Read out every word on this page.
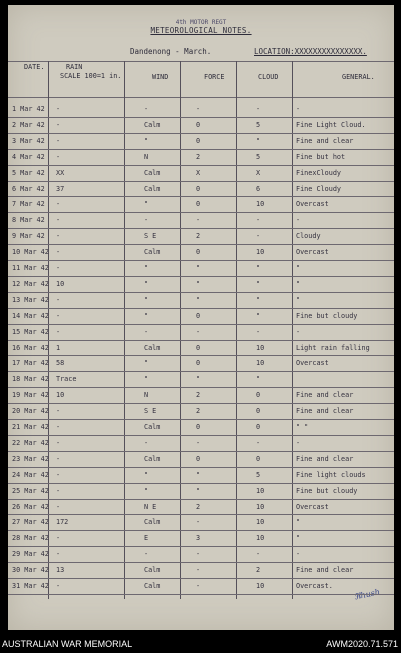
4th MOTOR REGT
METEOROLOGICAL NOTES.
Dandenong - March.	LOCATION:XXXXXXXXXXXXXXX.
DATE.	RAIN
SCALE 100=1 in.	WIND	FORCE	CLOUD	GENERAL.
1 Mar 42 -	-	-	-	-
2 Mar 42 -	Calm	0	5	Fine Light Cloud.
3 Mar 42 -	"	0	"	Fine and clear
4 Mar 42 -	N	2	5	Fine but hot
5 Mar 42 XX	Calm	X	X	FinexCloudy
6 Mar 42 37	Calm	0	6	Fine Cloudy
7 Mar 42 -	"	0	10	Overcast
8 Mar 42 -	-	-	-	-
9 Mar 42 -	S E	2	-	Cloudy
10 Mar 42 -	Calm	0	10	Overcast
11 Mar 42 -	"	"	"	"
12 Mar 42 10	"	"	"	"
13 Mar 42 -	"	"	"	"
14 Mar 42 -	"	0	"	Fine but cloudy
15 Mar 42 -	-	-	-	-
16 Mar 42 1	Calm	0	10	Light rain falling
17 Mar 42 58	"	0	10	Overcast
18 Mar 42 Trace	"	"	"
19 Mar 42 10	N	2	0	Fine and clear
20 Mar 42 -	S E	2	0	Fine and clear
21 Mar 42 -	Calm	0	0	" "
22 Mar 42 -	-	-	-	-
23 Mar 42 -	Calm	0	0	Fine and clear
24 Mar 42 -	"	"	5	Fine light clouds
25 Mar 42 -	"	"	10	Fine but cloudy
26 Mar 42 -	N E	2	10	Overcast
27 Mar 42 172	Calm	-	10	"
28 Mar 42 -	E	3	10	"
29 Mar 42 -	-	-	-	-
30 Mar 42 13	Calm	-	2	Fine and clear
31 Mar 42 -	Calm	-	10	Overcast.
ℜhush
AUSTRALIAN WAR MEMORIAL	AWM2020.71.571
